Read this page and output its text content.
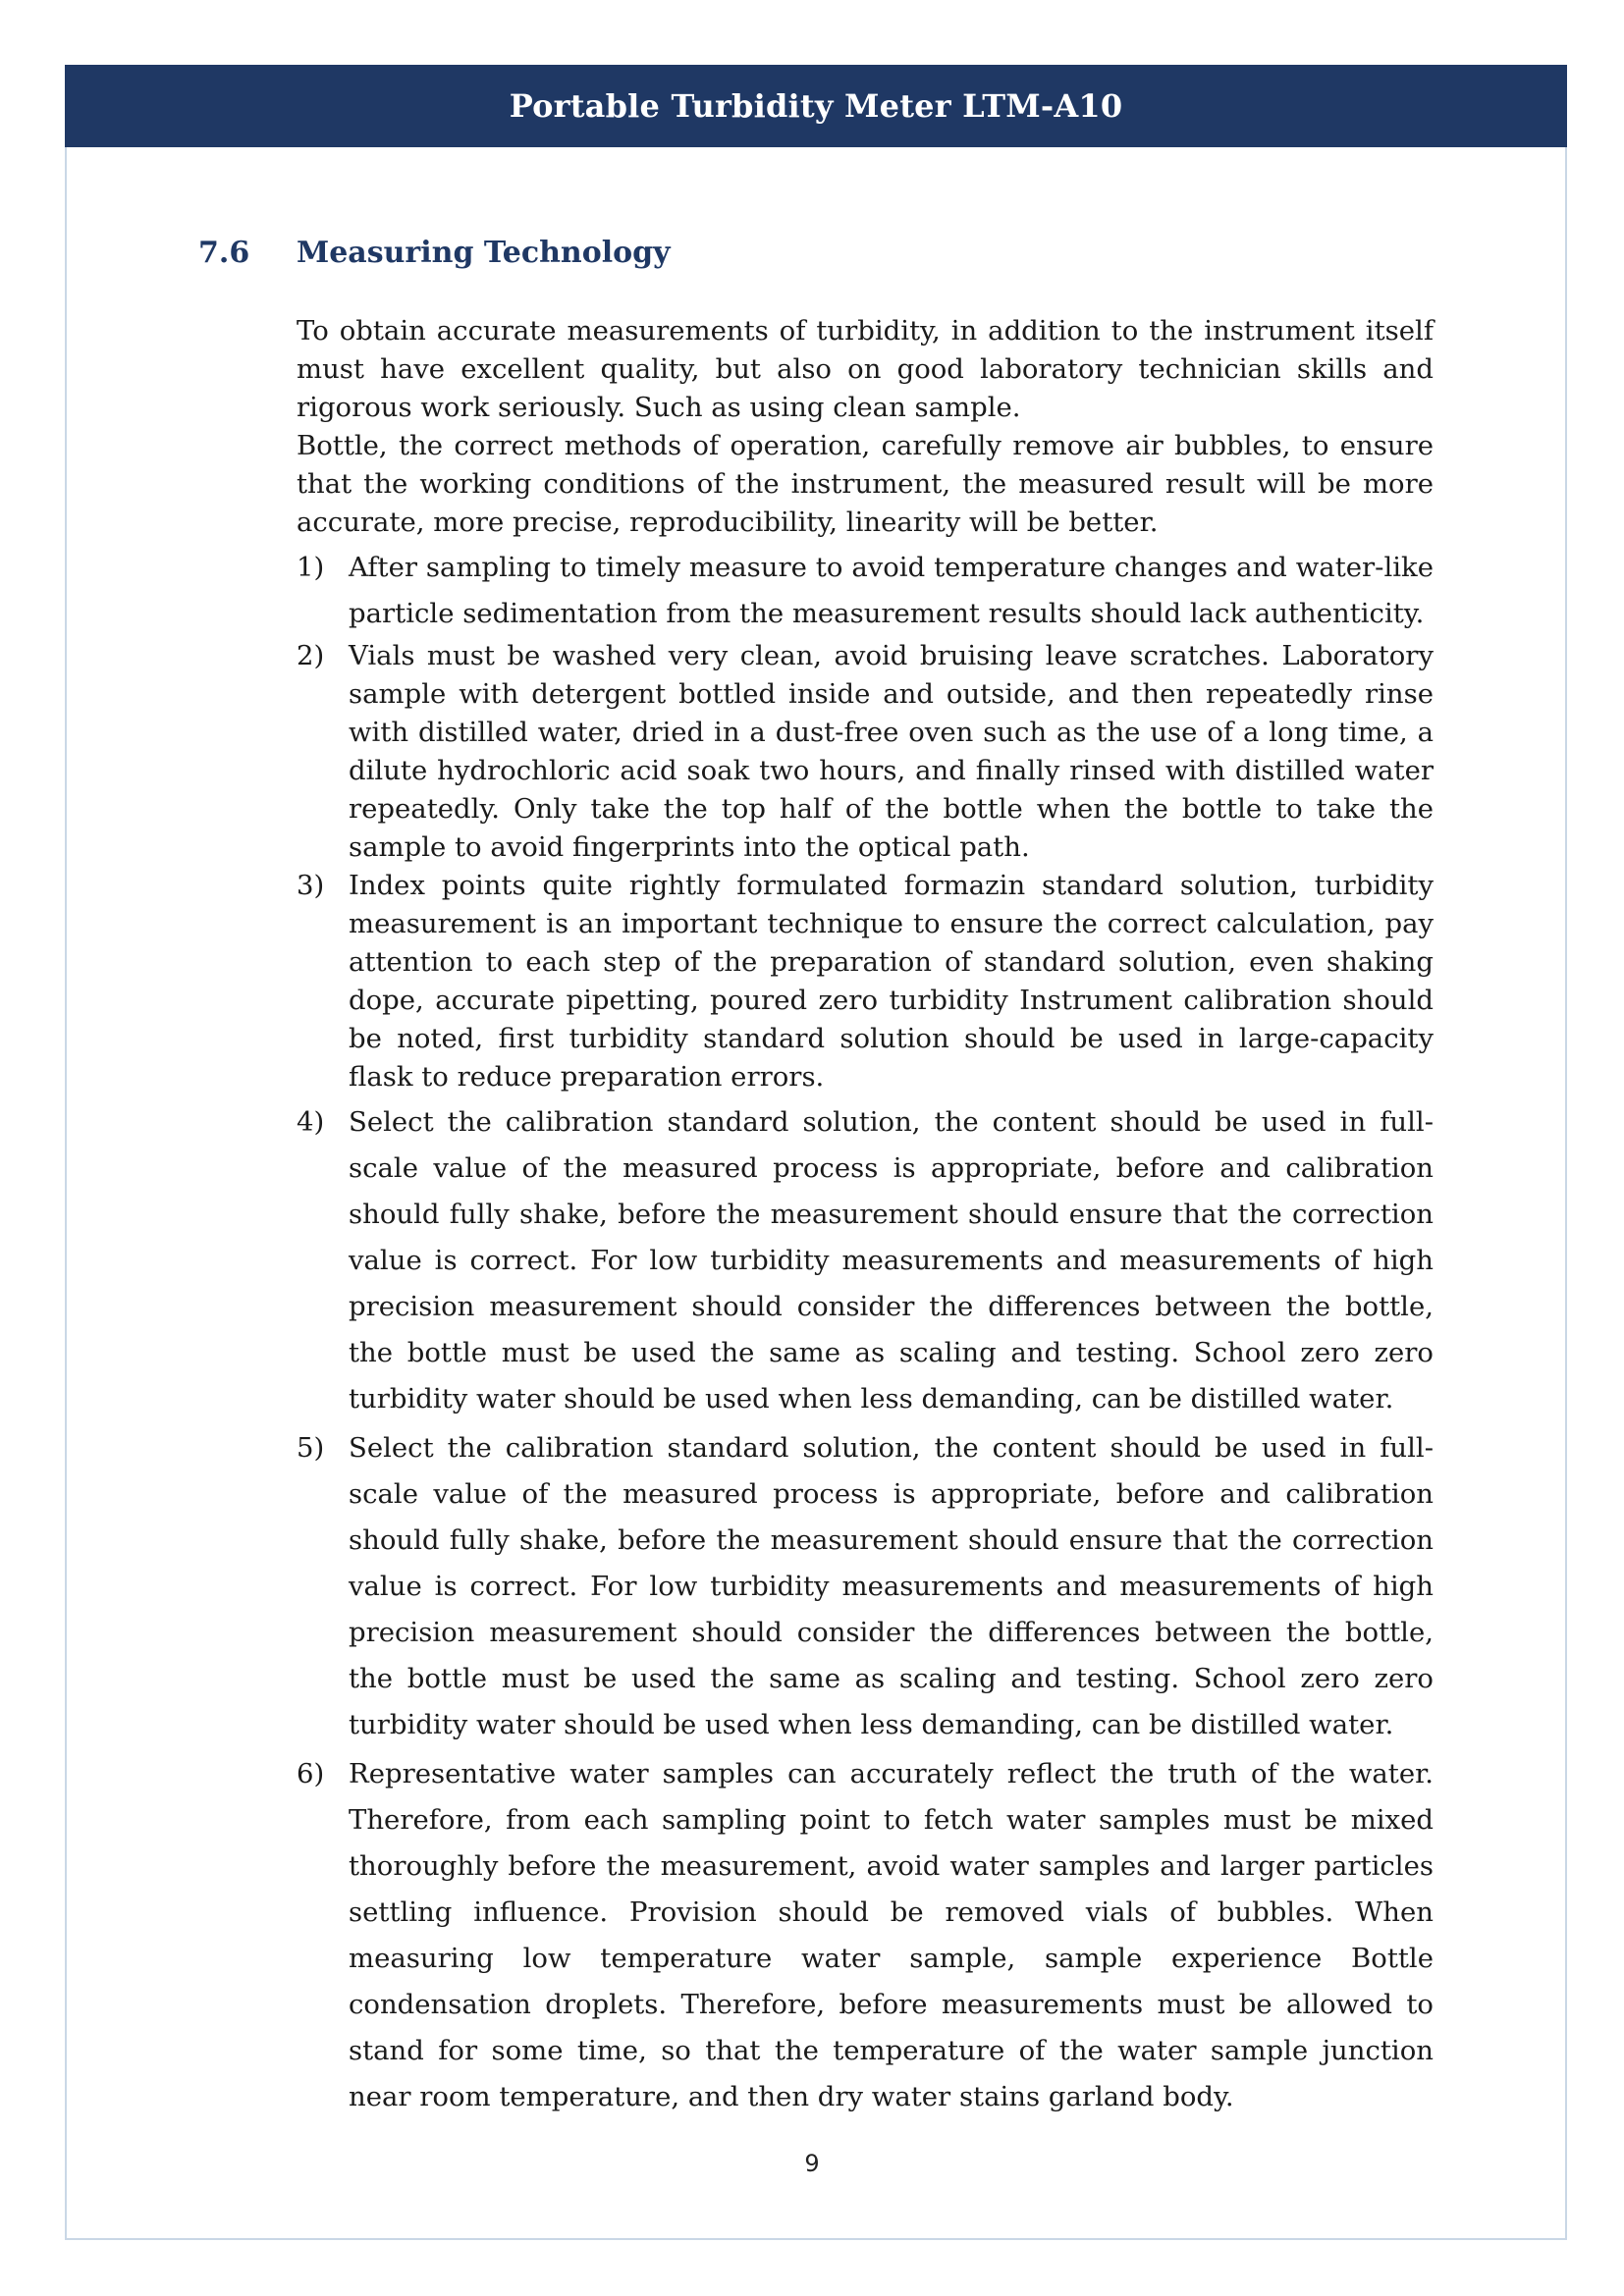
Portable Turbidity Meter LTM-A10
7.6	Measuring Technology

To obtain accurate measurements of turbidity, in addition to the instrument itself must have excellent quality, but also on good laboratory technician skills and rigorous work seriously. Such as using clean sample.

Bottle, the correct methods of operation, carefully remove air bubbles, to ensure that the working conditions of the instrument, the measured result will be more accurate, more precise, reproducibility, linearity will be better.

1) After sampling to timely measure to avoid temperature changes and water-like particle sedimentation from the measurement results should lack authenticity.
2) Vials must be washed very clean, avoid bruising leave scratches. Laboratory sample with detergent bottled inside and outside, and then repeatedly rinse with distilled water, dried in a dust-free oven such as the use of a long time, a dilute hydrochloric acid soak two hours, and finally rinsed with distilled water repeatedly. Only take the top half of the bottle when the bottle to take the sample to avoid fingerprints into the optical path.
3) Index points quite rightly formulated formazin standard solution, turbidity measurement is an important technique to ensure the correct calculation, pay attention to each step of the preparation of standard solution, even shaking dope, accurate pipetting, poured zero turbidity Instrument calibration should be noted, first turbidity standard solution should be used in large-capacity flask to reduce preparation errors.
4) Select the calibration standard solution, the content should be used in full-scale value of the measured process is appropriate, before and calibration should fully shake, before the measurement should ensure that the correction value is correct. For low turbidity measurements and measurements of high precision measurement should consider the differences between the bottle, the bottle must be used the same as scaling and testing. School zero zero turbidity water should be used when less demanding, can be distilled water.
5) Select the calibration standard solution, the content should be used in full-scale value of the measured process is appropriate, before and calibration should fully shake, before the measurement should ensure that the correction value is correct. For low turbidity measurements and measurements of high precision measurement should consider the differences between the bottle, the bottle must be used the same as scaling and testing. School zero zero turbidity water should be used when less demanding, can be distilled water.
6) Representative water samples can accurately reflect the truth of the water. Therefore, from each sampling point to fetch water samples must be mixed thoroughly before the measurement, avoid water samples and larger particles settling influence. Provision should be removed vials of bubbles. When measuring low temperature water sample, sample experience Bottle condensation droplets. Therefore, before measurements must be allowed to stand for some time, so that the temperature of the water sample junction near room temperature, and then dry water stains garland body.
9
